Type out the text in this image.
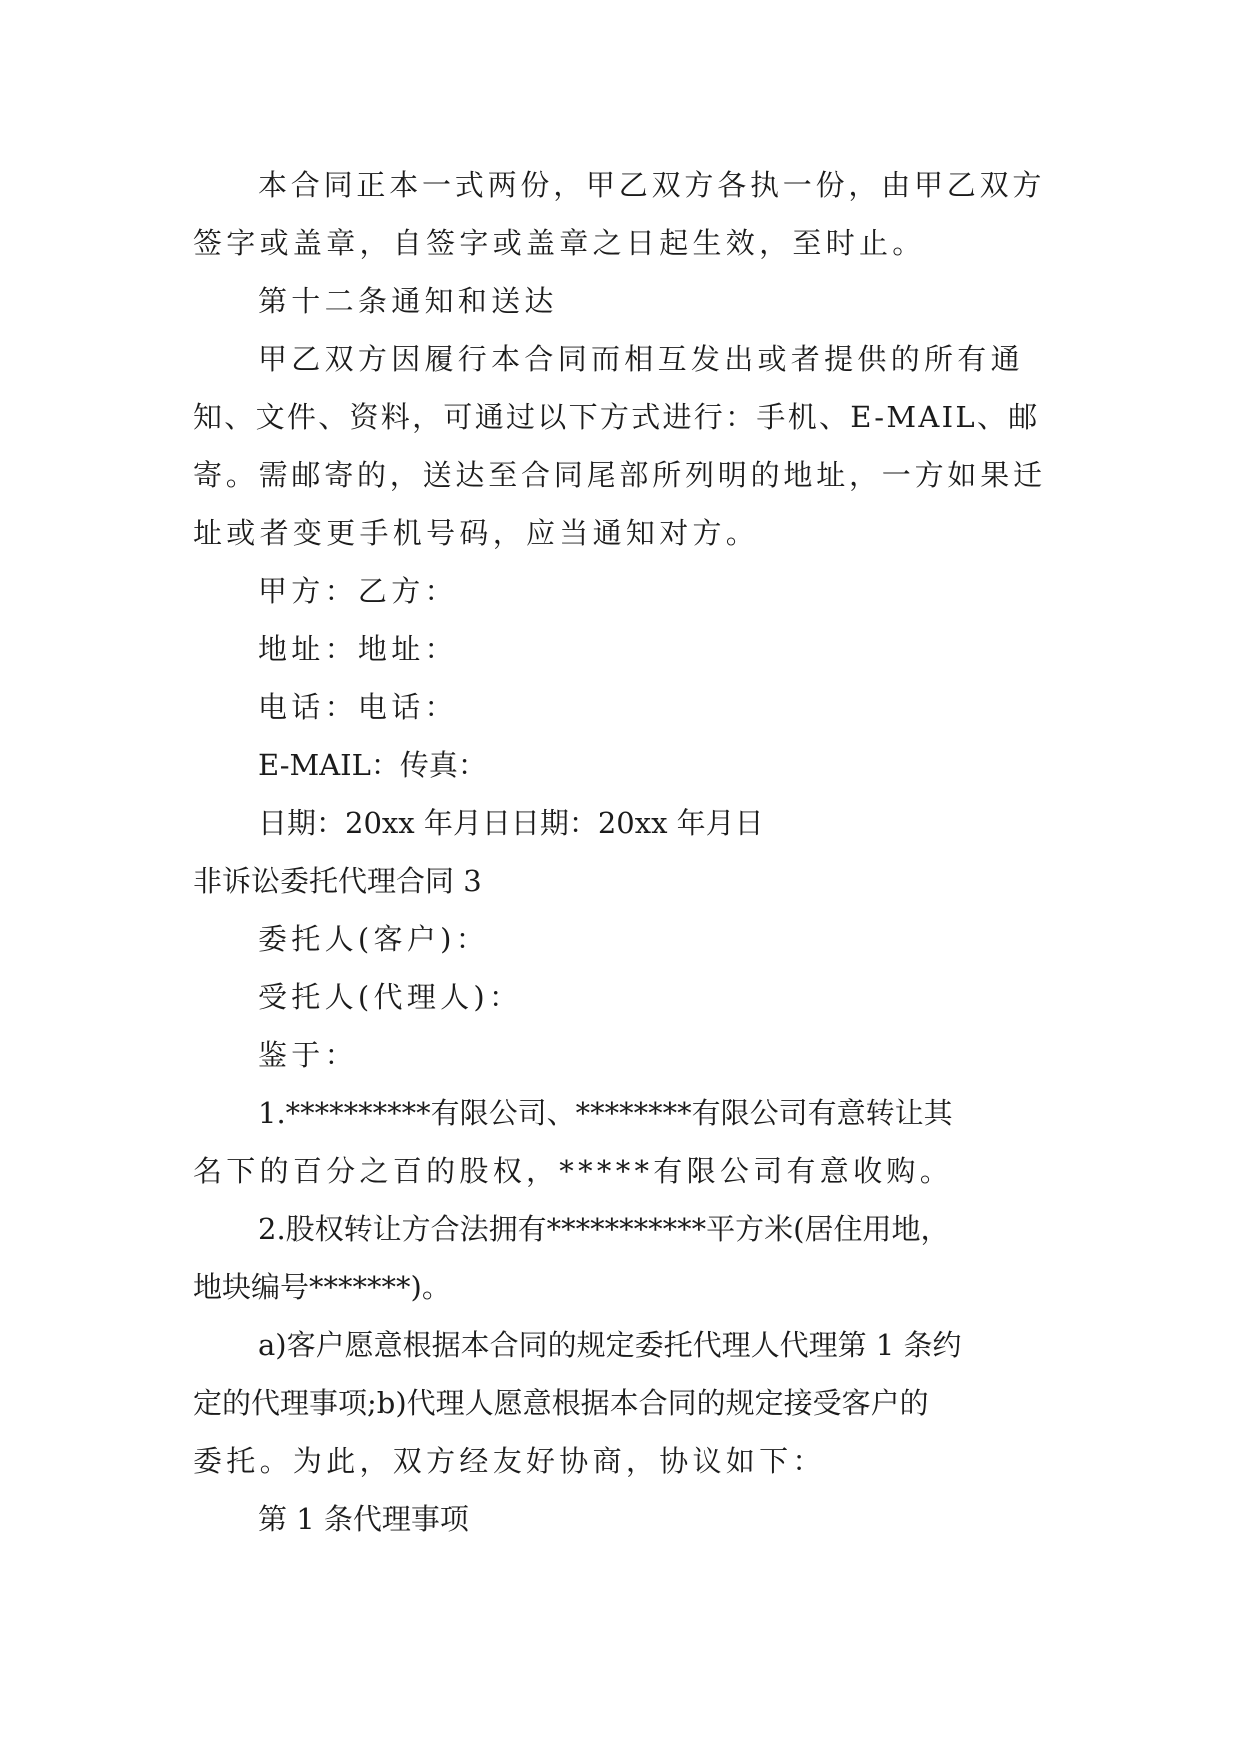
本合同正本一式两份，甲乙双方各执一份，由甲乙双方

签字或盖章，自签字或盖章之日起生效，至时止。

第十二条通知和送达

甲乙双方因履行本合同而相互发出或者提供的所有通

知、文件、资料，可通过以下方式进行：手机、E-MAIL、邮

寄。需邮寄的，送达至合同尾部所列明的地址，一方如果迁

址或者变更手机号码，应当通知对方。

甲方：乙方：

地址：地址：

电话：电话：

E-MAIL：传真：

日期：20xx 年月日日期：20xx 年月日

非诉讼委托代理合同 3

委托人(客户)：

受托人(代理人)：

鉴于：

1.**********有限公司、********有限公司有意转让其

名下的百分之百的股权，*****有限公司有意收购。

2.股权转让方合法拥有***********平方米(居住用地，

地块编号*******)。

a)客户愿意根据本合同的规定委托代理人代理第 1 条约

定的代理事项;b)代理人愿意根据本合同的规定接受客户的

委托。为此，双方经友好协商，协议如下：

第 1 条代理事项
